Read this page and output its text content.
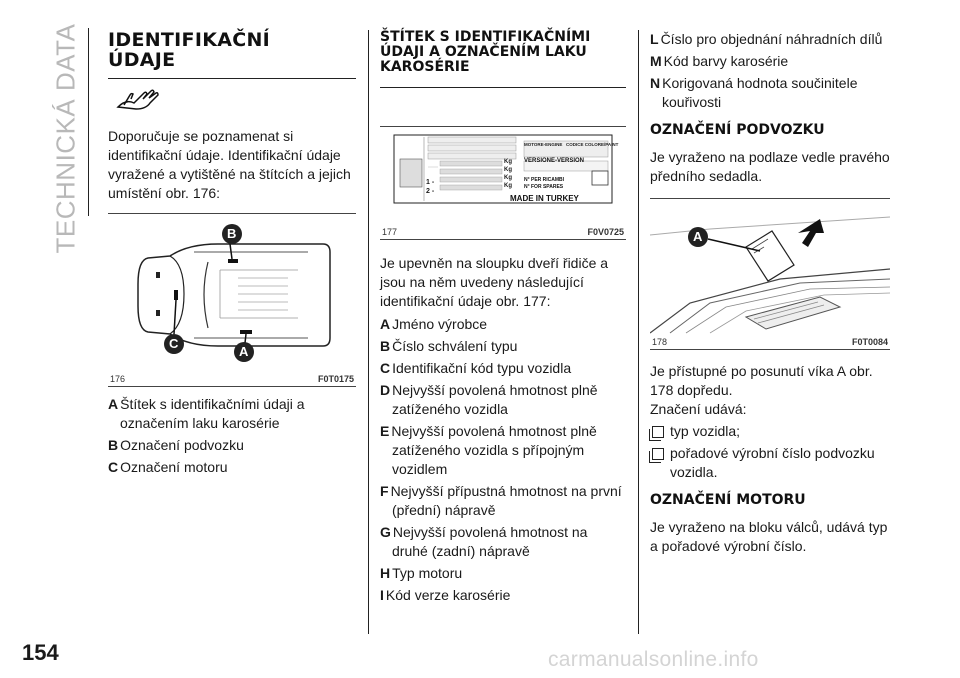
TECHNICKÁ DATA
154	carmanualsonline.info
IDENTIFIKAČNÍ ÚDAJE

Doporučuje se poznamenat si identifikační údaje. Identifikační údaje vyražené a vytištěné na štítcích a jejich umístění obr. 176:

B
C
A
176	F0T0175
A Štítek s identifikačními údaji a označením laku karosérie
B Označení podvozku
C Označení motoru
ŠTÍTEK S IDENTIFIKAČNÍMI ÚDAJI A OZNAČENÍM LAKU KAROSÉRIE
MOTORE-ENGINE CODICE COLORE/PAINT
VERSIONE-VERSION
N° PER RICAMBI
N° FOR SPARES
MADE IN TURKEY
Kg
Kg
Kg
Kg
1 -
2 -
177	F0V0725

Je upevněn na sloupku dveří řidiče a jsou na něm uvedeny následující identifikační údaje obr. 177:

A Jméno výrobce
B Číslo schválení typu
C Identifikační kód typu vozidla
D Nejvyšší povolená hmotnost plně zatíženého vozidla
E Nejvyšší povolená hmotnost plně zatíženého vozidla s přípojným vozidlem
F Nejvyšší přípustná hmotnost na první (přední) nápravě
G Nejvyšší povolená hmotnost na druhé (zadní) nápravě
H Typ motoru
I Kód verze karosérie
L Číslo pro objednání náhradních dílů
M Kód barvy karosérie
N Korigovaná hodnota součinitele kouřivosti
OZNAČENÍ PODVOZKU

Je vyraženo na podlaze vedle pravého předního sedadla.

A
178	F0T0084

Je přístupné po posunutí víka A obr. 178 dopředu.

Značení udává:

typ vozidla;
pořadové výrobní číslo podvozku vozidla.
OZNAČENÍ MOTORU

Je vyraženo na bloku válců, udává typ a pořadové výrobní číslo.
